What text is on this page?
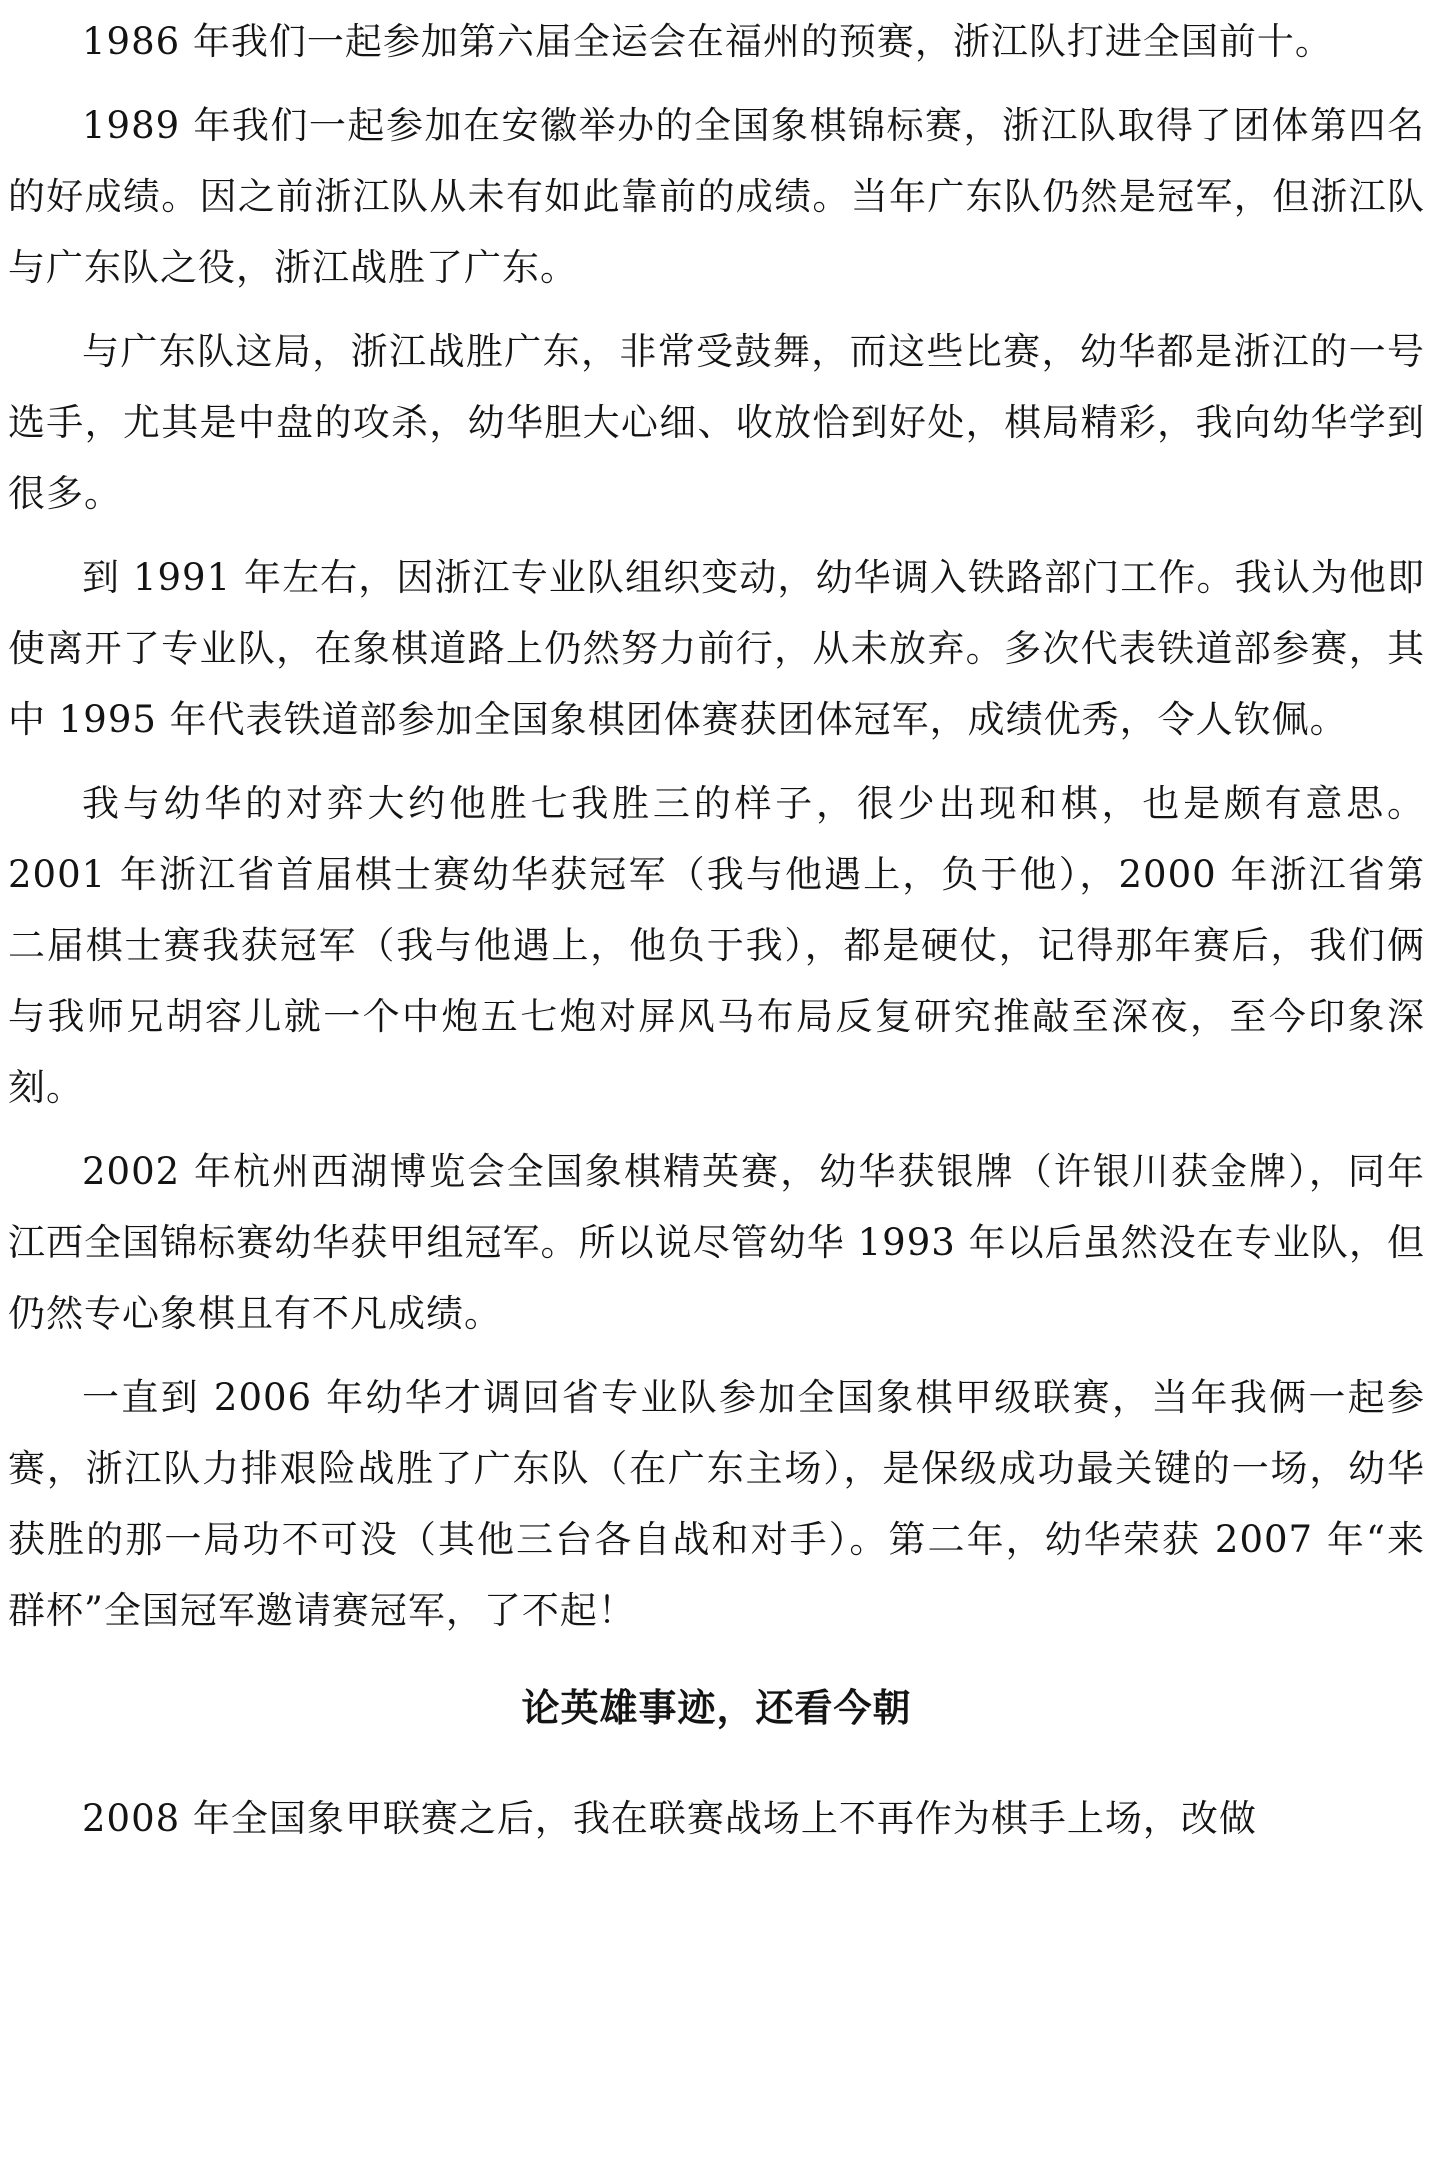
1986 年我们一起参加第六届全运会在福州的预赛，浙江队打进全国前十。

1989 年我们一起参加在安徽举办的全国象棋锦标赛，浙江队取得了团体第四名的好成绩。因之前浙江队从未有如此靠前的成绩。当年广东队仍然是冠军，但浙江队与广东队之役，浙江战胜了广东。

与广东队这局，浙江战胜广东，非常受鼓舞，而这些比赛，幼华都是浙江的一号选手，尤其是中盘的攻杀，幼华胆大心细、收放恰到好处，棋局精彩，我向幼华学到很多。

到 1991 年左右，因浙江专业队组织变动，幼华调入铁路部门工作。我认为他即使离开了专业队，在象棋道路上仍然努力前行，从未放弃。多次代表铁道部参赛，其中 1995 年代表铁道部参加全国象棋团体赛获团体冠军，成绩优秀，令人钦佩。

我与幼华的对弈大约他胜七我胜三的样子，很少出现和棋，也是颇有意思。2001 年浙江省首届棋士赛幼华获冠军（我与他遇上，负于他），2000 年浙江省第二届棋士赛我获冠军（我与他遇上，他负于我），都是硬仗，记得那年赛后，我们俩与我师兄胡容儿就一个中炮五七炮对屏风马布局反复研究推敲至深夜，至今印象深刻。

2002 年杭州西湖博览会全国象棋精英赛，幼华获银牌（许银川获金牌），同年江西全国锦标赛幼华获甲组冠军。所以说尽管幼华 1993 年以后虽然没在专业队，但仍然专心象棋且有不凡成绩。

一直到 2006 年幼华才调回省专业队参加全国象棋甲级联赛，当年我俩一起参赛，浙江队力排艰险战胜了广东队（在广东主场），是保级成功最关键的一场，幼华获胜的那一局功不可没（其他三台各自战和对手）。第二年，幼华荣获 2007 年“来群杯”全国冠军邀请赛冠军，了不起！

论英雄事迹，还看今朝

2008 年全国象甲联赛之后，我在联赛战场上不再作为棋手上场，改做
